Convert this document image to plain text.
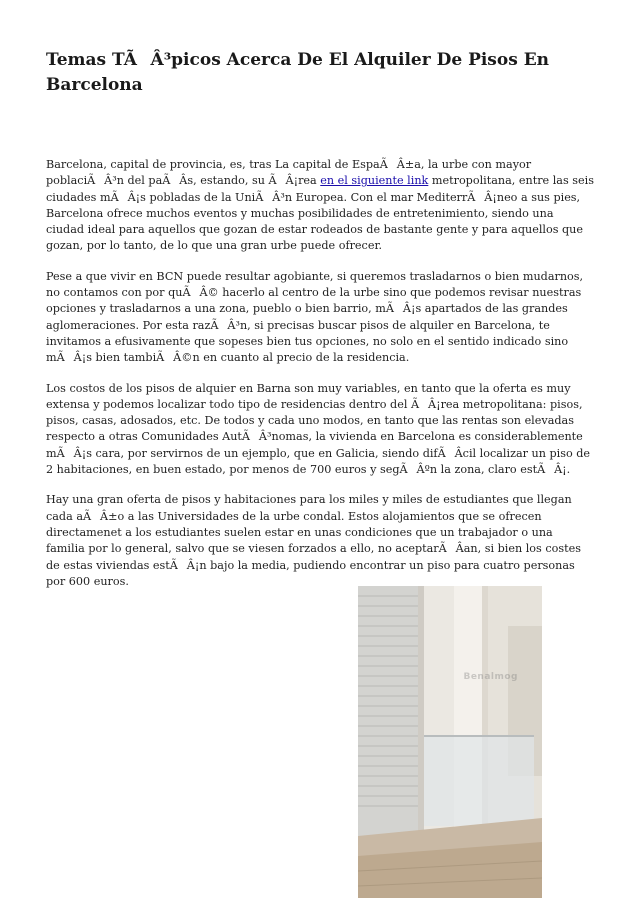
Temas TÃÂ³picos Acerca De El Alquiler De Pisos En Barcelona

Barcelona, capital de provincia, es, tras La capital de EspaÃÂ±a, la urbe con mayor poblaciÃÂ³n del paÃÂs, estando, su ÃÂ¡rea en el siguiente link metropolitana, entre las seis ciudades mÃÂ¡s pobladas de la UniÃÂ³n Europea. Con el mar MediterrÃÂ¡neo a sus pies, Barcelona ofrece muchos eventos y muchas posibilidades de entretenimiento, siendo una ciudad ideal para aquellos que gozan de estar rodeados de bastante gente y para aquellos que gozan, por lo tanto, de lo que una gran urbe puede ofrecer.

Pese a que vivir en BCN puede resultar agobiante, si queremos trasladarnos o bien mudarnos, no contamos con por quÃÂ© hacerlo al centro de la urbe sino que podemos revisar nuestras opciones y trasladarnos a una zona, pueblo o bien barrio, mÃÂ¡s apartados de las grandes aglomeraciones. Por esta razÃÂ³n, si precisas buscar pisos de alquiler en Barcelona, te invitamos a efusivamente que sopeses bien tus opciones, no solo en el sentido indicado sino mÃÂ¡s bien tambiÃÂ©n en cuanto al precio de la residencia.

Los costos de los pisos de alquier en Barna son muy variables, en tanto que la oferta es muy extensa y podemos localizar todo tipo de residencias dentro del ÃÂ¡rea metropolitana: pisos, pisos, casas, adosados, etc. De todos y cada uno modos, en tanto que las rentas son elevadas respecto a otras Comunidades AutÃÂ³nomas, la vivienda en Barcelona es considerablemente mÃÂ¡s cara, por servirnos de un ejemplo, que en Galicia, siendo difÃÂcil localizar un piso de 2 habitaciones, en buen estado, por menos de 700 euros y segÃÂºn la zona, claro estÃÂ¡.

Hay una gran oferta de pisos y habitaciones para los miles y miles de estudiantes que llegan cada aÃÂ±o a las Universidades de la urbe condal. Estos alojamientos que se ofrecen directamenet a los estudiantes suelen estar en unas condiciones que un trabajador o una familia por lo general, salvo que se viesen forzados a ello, no aceptarÃÂan, si bien los costes de estas viviendas estÃÂ¡n bajo la media, pudiendo encontrar un piso para cuatro personas por 600 euros.

Benalmog
